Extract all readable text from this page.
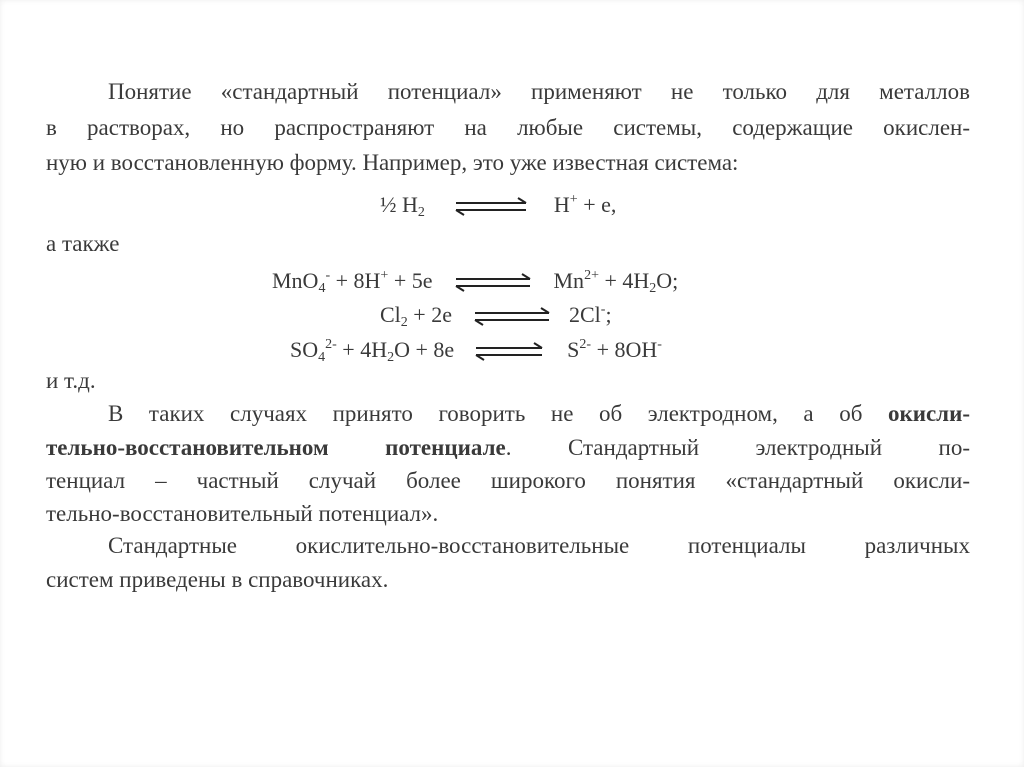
Понятие «стандартный потенциал» применяют не только для металлов
в растворах, но распространяют на любые системы, содержащие окислен-
ную и восстановленную форму. Например, это уже известная система:
½ $H_2$ ⇌ H+ + e,
а также
MnO$_4$- + 8H+ + 5e ⇌ $Mn^{2+} + 4H_2O$;
$Cl_2 + 2e$ ⇌ 2Cl-;
$SO_4^{2-} + 4H_2O + 8e$ ⇌ $S^{2-} + 8OH^-$
и т.д.
В таких случаях принято говорить не об электродном, а об окисли-
тельно-восстановительном потенциале. Стандартный электродный по-
тенциал – частный случай более широкого понятия «стандартный окисли-
тельно-восстановительный потенциал».
Стандартные окислительно-восстановительные потенциалы различных
систем приведены в справочниках.
